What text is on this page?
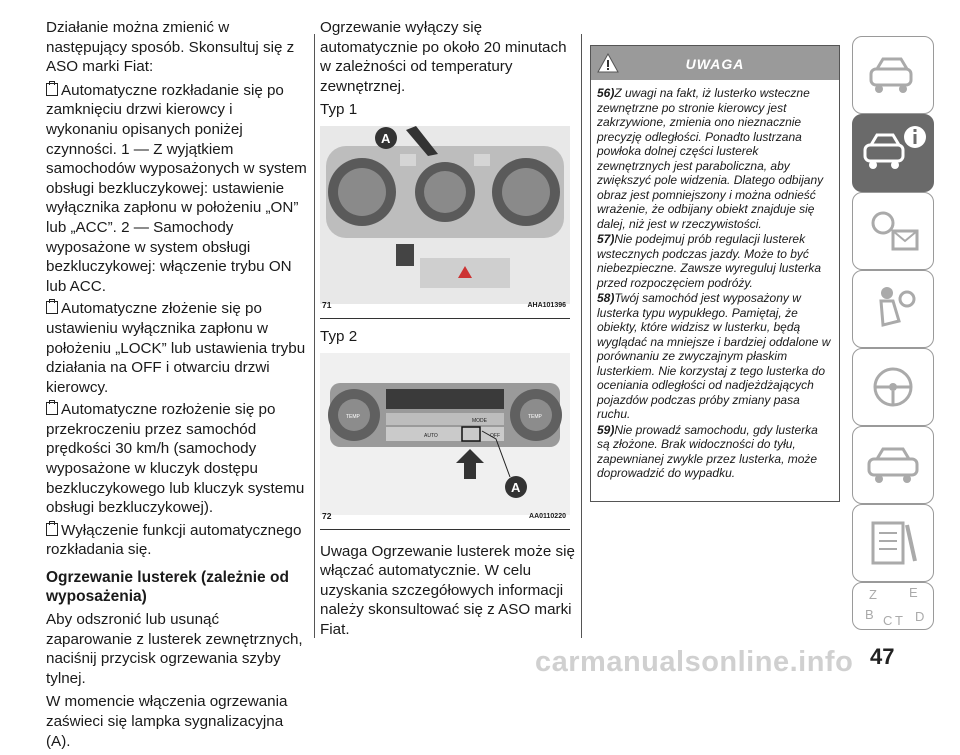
Działanie można zmienić w następujący sposób. Skonsultuj się z ASO marki Fiat:

Automatyczne rozkładanie się po zamknięciu drzwi kierowcy i wykonaniu opisanych poniżej czynności. 1 — Z wyjątkiem samochodów wyposażonych w system obsługi bezkluczykowej: ustawienie wyłącznika zapłonu w położeniu „ON” lub „ACC”. 2 — Samochody wyposażone w system obsługi bezkluczykowej: włączenie trybu ON lub ACC.

Automatyczne złożenie się po ustawieniu wyłącznika zapłonu w położeniu „LOCK” lub ustawienia trybu działania na OFF i otwarciu drzwi kierowcy.

Automatyczne rozłożenie się po przekroczeniu przez samochód prędkości 30 km/h (samochody wyposażone w kluczyk dostępu bezkluczykowego lub kluczyk systemu obsługi bezkluczykowej).

Wyłączenie funkcji automatycznego rozkładania się.

Ogrzewanie lusterek (zależnie od wyposażenia)

Aby odszronić lub usunąć zaparowanie z lusterek zewnętrznych, naciśnij przycisk ogrzewania szyby tylnej.

W momencie włączenia ogrzewania zaświeci się lampka sygnalizacyjna (A).

Ogrzewanie wyłączy się automatycznie po około 20 minutach w zależności od temperatury zewnętrznej.

Typ 1

A
71	AHA101396

Typ 2

TEMP	TEMP
MODE
AUTO	OFF
A
72	AA0110220

Uwaga Ogrzewanie lusterek może się włączać automatycznie. W celu uzyskania szczegółowych informacji należy skonsultować się z ASO marki Fiat.

UWAGA

56)Z uwagi na fakt, iż lusterko wsteczne zewnętrzne po stronie kierowcy jest zakrzywione, zmienia ono nieznacznie precyzję odległości. Ponadto lustrzana powłoka dolnej części lusterek zewnętrznych jest paraboliczna, aby zwiększyć pole widzenia. Dlatego odbijany obraz jest pomniejszony i można odnieść wrażenie, że odbijany obiekt znajduje się dalej, niż jest w rzeczywistości.

57)Nie podejmuj prób regulacji lusterek wstecznych podczas jazdy. Może to być niebezpieczne. Zawsze wyreguluj lusterka przed rozpoczęciem podróży.

58)Twój samochód jest wyposażony w lusterka typu wypukłego. Pamiętaj, że obiekty, które widzisz w lusterku, będą wyglądać na mniejsze i bardziej oddalone w porównaniu ze zwyczajnym płaskim lusterkiem. Nie korzystaj z tego lusterka do oceniania odległości od nadjeżdżających pojazdów podczas próby zmiany pasa ruchu.

59)Nie prowadź samochodu, gdy lusterka są złożone. Brak widoczności do tyłu, zapewnianej zwykle przez lusterka, może doprowadzić do wypadku.

Z E
B C T D
carmanualsonline.info 47
